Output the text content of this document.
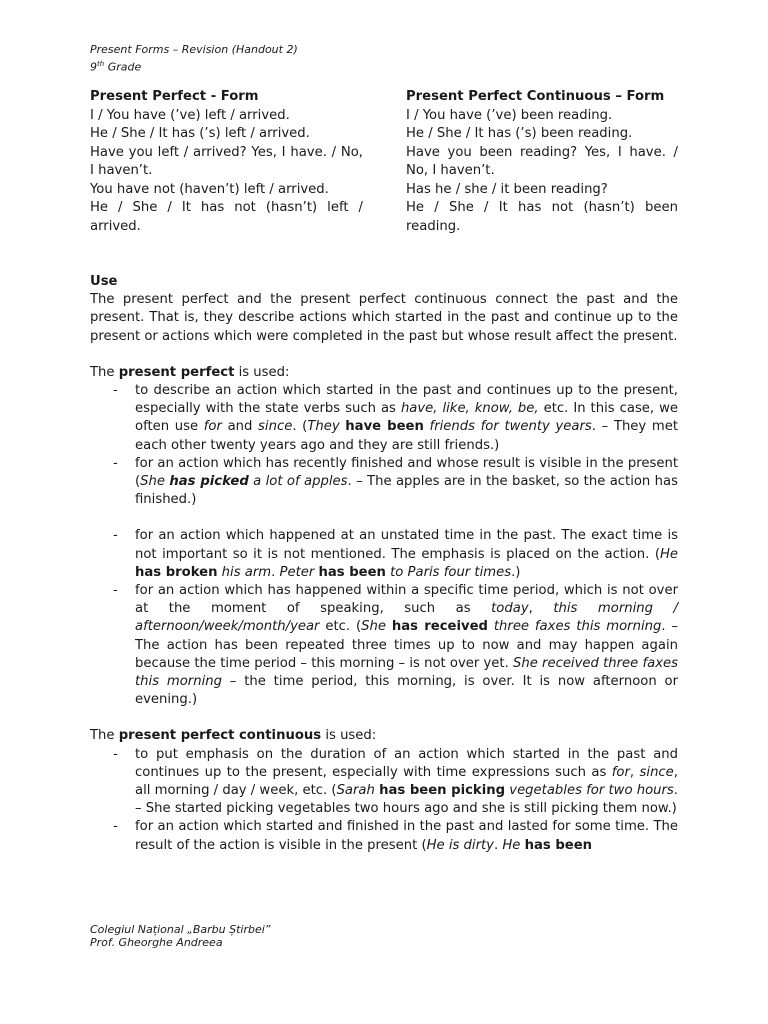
Present Forms – Revision (Handout 2)
9th Grade
Present Perfect - Form

I / You have (’ve) left / arrived.

He / She / It has (’s) left / arrived.

Have you left / arrived? Yes, I have. / No, I haven’t.

You have not (haven’t) left / arrived.

He / She / It has not (hasn’t) left / arrived.

Present Perfect Continuous – Form

I / You have (’ve) been reading.

He / She / It has (’s) been reading.

Have you been reading? Yes, I have. / No, I haven’t.

Has he / she / it been reading?

He / She / It has not (hasn’t) been reading.

Use

The present perfect and the present perfect continuous connect the past and the present. That is, they describe actions which started in the past and continue up to the present or actions which were completed in the past but whose result affect the present.

The present perfect is used:

- to describe an action which started in the past and continues up to the present, especially with the state verbs such as have, like, know, be, etc. In this case, we often use for and since. (They have been friends for twenty years. – They met each other twenty years ago and they are still friends.)
- for an action which has recently finished and whose result is visible in the present (She has picked a lot of apples. – The apples are in the basket, so the action has finished.)
- for an action which happened at an unstated time in the past. The exact time is not important so it is not mentioned. The emphasis is placed on the action. (He has broken his arm. Peter has been to Paris four times.)
- for an action which has happened within a specific time period, which is not over at the moment of speaking, such as today, this morning / afternoon/week/month/year etc. (She has received three faxes this morning. – The action has been repeated three times up to now and may happen again because the time period – this morning – is not over yet. She received three faxes this morning – the time period, this morning, is over. It is now afternoon or evening.)

The present perfect continuous is used:

- to put emphasis on the duration of an action which started in the past and continues up to the present, especially with time expressions such as for, since, all morning / day / week, etc. (Sarah has been picking vegetables for two hours. – She started picking vegetables two hours ago and she is still picking them now.)
- for an action which started and finished in the past and lasted for some time. The result of the action is visible in the present (He is dirty. He has been
Colegiul Național „Barbu Știrbei”
Prof. Gheorghe Andreea
